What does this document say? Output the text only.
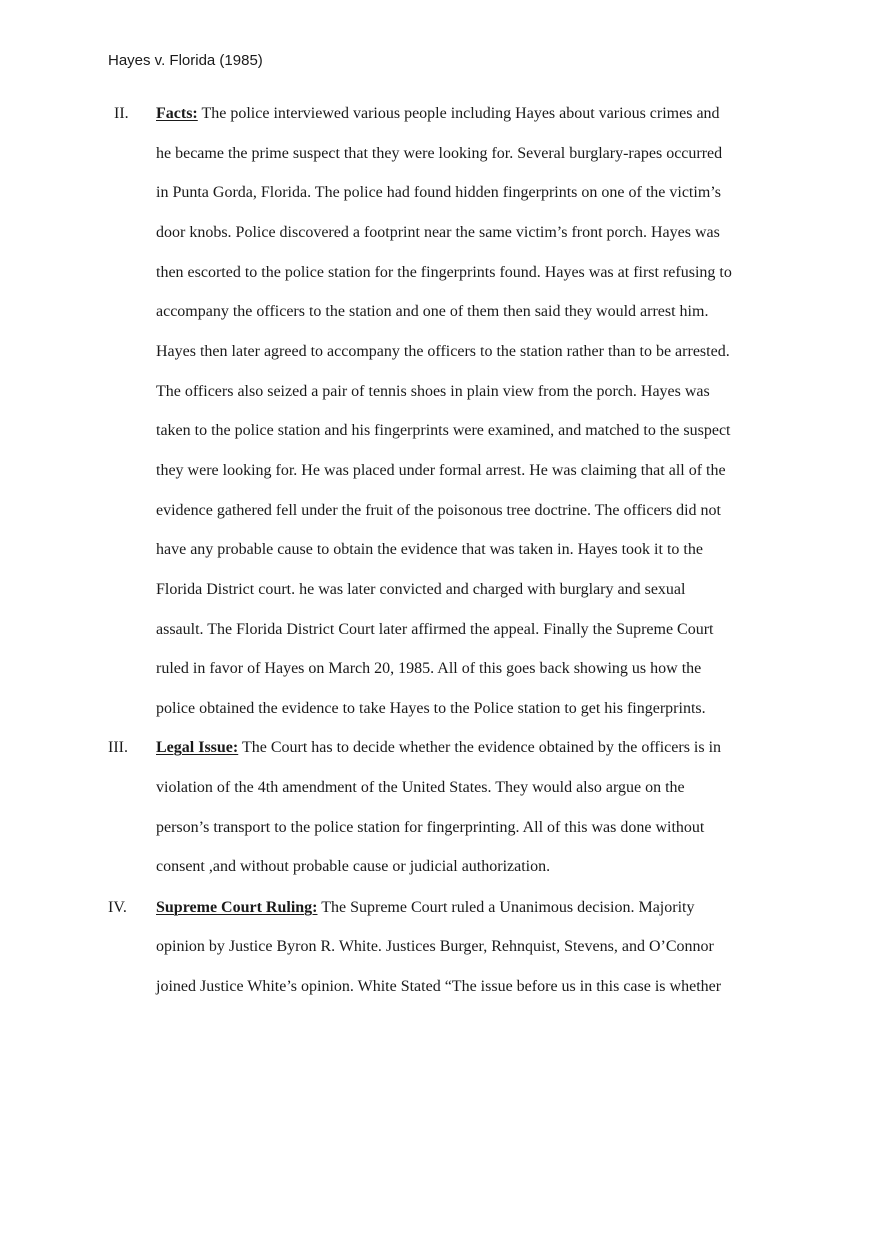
Hayes v. Florida (1985)
II. Facts: The police interviewed various people including Hayes about various crimes and
he became the prime suspect that they were looking for. Several burglary-rapes occurred
in Punta Gorda, Florida. The police had found hidden fingerprints on one of the victim’s
door knobs. Police discovered a footprint near the same victim’s front porch. Hayes was
then escorted to the police station for the fingerprints found. Hayes was at first refusing to
accompany the officers to the station and one of them then said they would arrest him.
Hayes then later agreed to accompany the officers to the station rather than to be arrested.
The officers also seized a pair of tennis shoes in plain view from the porch. Hayes was
taken to the police station and his fingerprints were examined, and matched to the suspect
they were looking for. He was placed under formal arrest. He was claiming that all of the
evidence gathered fell under the fruit of the poisonous tree doctrine. The officers did not
have any probable cause to obtain the evidence that was taken in. Hayes took it to the
Florida District court. he was later convicted and charged with burglary and sexual
assault. The Florida District Court later affirmed the appeal. Finally the Supreme Court
ruled in favor of Hayes on March 20, 1985. All of this goes back showing us how the
police obtained the evidence to take Hayes to the Police station to get his fingerprints.
III. Legal Issue: The Court has to decide whether the evidence obtained by the officers is in
violation of the 4th amendment of the United States. They would also argue on the
person’s transport to the police station for fingerprinting. All of this was done without
consent ,and without probable cause or judicial authorization.
IV. Supreme Court Ruling: The Supreme Court ruled a Unanimous decision. Majority
opinion by Justice Byron R. White. Justices Burger, Rehnquist, Stevens, and O’Connor
joined Justice White’s opinion. White Stated “The issue before us in this case is whether
